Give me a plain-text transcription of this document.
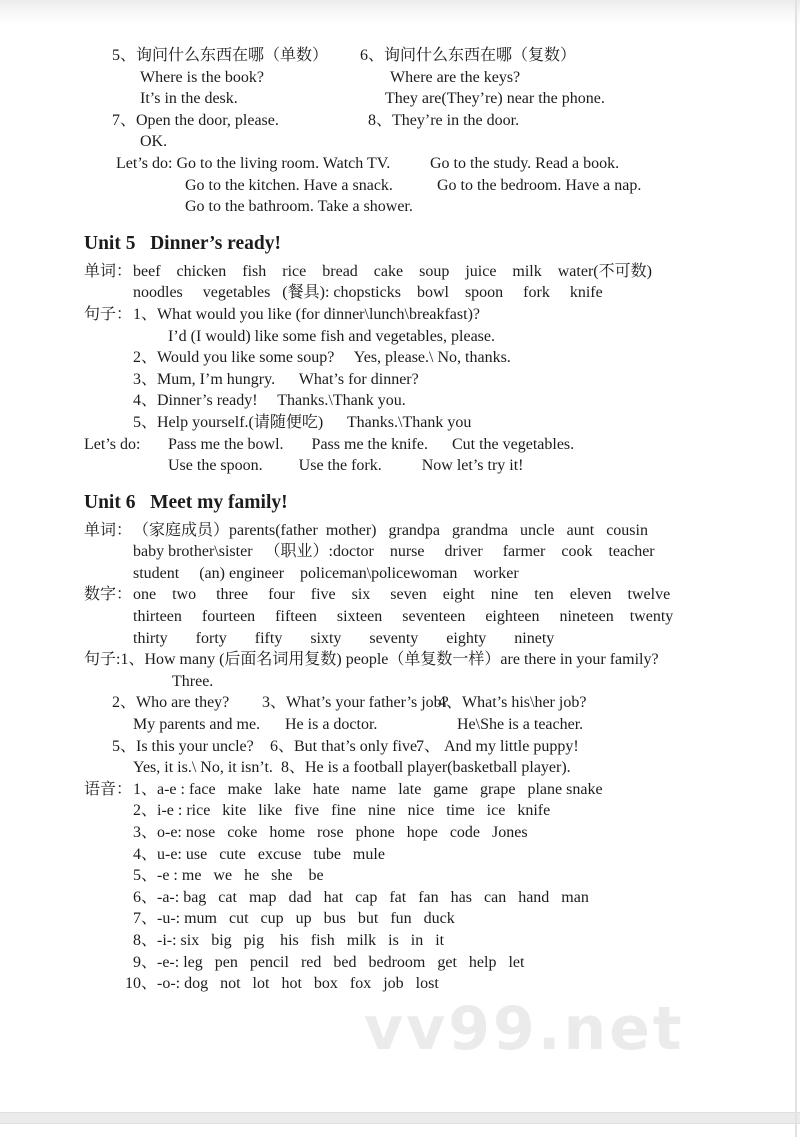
vv99.net
5、询问什么东西在哪（单数） 6、询问什么东西在哪（复数）
Where is the book?	Where are the keys?
It’s in the desk.	They are(They’re) near the phone.
7、Open the door, please.	8、They’re in the door.
OK.
Let’s do: Go to the living room. Watch TV. Go to the study. Read a book.
Go to the kitchen. Have a snack.	Go to the bedroom. Have a nap.
Go to the bathroom. Take a shower.
Unit 5   Dinner’s ready!
单词：beef    chicken    fish    rice    bread    cake    soup    juice    milk    water(不可数)
noodles     vegetables   (餐具): chopsticks    bowl    spoon     fork     knife
句子：1、What would you like (for dinner\lunch\breakfast)?
I’d (I would) like some fish and vegetables, please.
2、Would you like some soup?     Yes, please.\ No, thanks.
3、Mum, I’m hungry.      What’s for dinner?
4、Dinner’s ready!     Thanks.\Thank you.
5、Help yourself.(请随便吃)      Thanks.\Thank you
Let’s do: Pass me the bowl.       Pass me the knife.      Cut the vegetables.
Use the spoon.         Use the fork.          Now let’s try it!
Unit 6   Meet my family!
单词：（家庭成员）parents(father  mother)   grandpa   grandma   uncle   aunt   cousin
baby brother\sister   （职业）:doctor    nurse     driver     farmer    cook    teacher
student     (an) engineer    policeman\policewoman    worker
数字：one    two     three     four    five    six     seven    eight    nine    ten    eleven    twelve
thirteen     fourteen     fifteen     sixteen     seventeen     eighteen     nineteen    twenty
thirty       forty       fifty       sixty       seventy       eighty       ninety
句子:1、How many (后面名词用复数) people（单复数一样）are there in your family?
Three.
2、Who are they? 3、What’s your father’s job?4、What’s his\her job?
My parents and me. He is a doctor.	He\She is a teacher.
5、Is this your uncle? 6、But that’s only five.7、 And my little puppy!
Yes, it is.\ No, it isn’t. 8、He is a football player(basketball player).
语音：1、a-e : face   make   lake   hate   name   late   game   grape   plane snake
2、i-e : rice   kite   like   five   fine   nine   nice   time   ice   knife
3、o-e: nose   coke   home   rose   phone   hope   code   Jones
4、u-e: use   cute   excuse   tube   mule
5、-e : me   we   he   she    be
6、-a-: bag   cat   map   dad   hat   cap   fat   fan   has   can   hand   man
7、-u-: mum   cut   cup   up   bus   but   fun   duck
8、-i-: six   big   pig    his   fish   milk   is   in   it
9、-e-: leg   pen   pencil   red   bed   bedroom   get   help   let
10、-o-: dog   not   lot   hot   box   fox   job   lost
